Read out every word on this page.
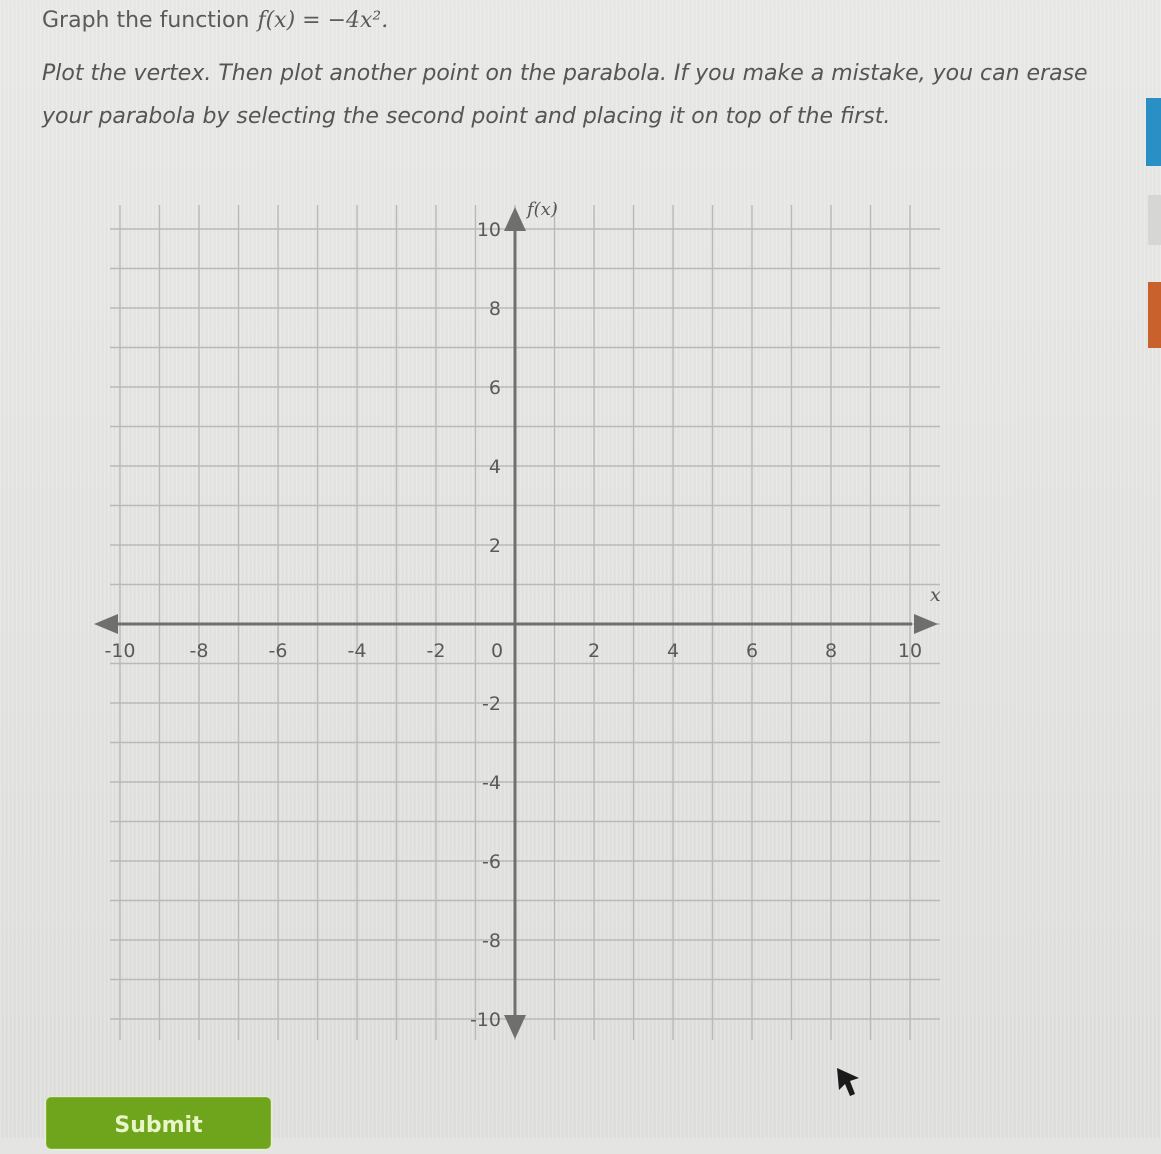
Graph the function f(x) = −4x².
Plot the vertex. Then plot another point on the parabola. If you make a mistake, you can erase your parabola by selecting the second point and placing it on top of the first.
-10	-8	-6	-4	-2 0	2	4	6	8	10
10
8
6
4
2
-2
-4
-6
-8
-10
x
f(x)
Submit
